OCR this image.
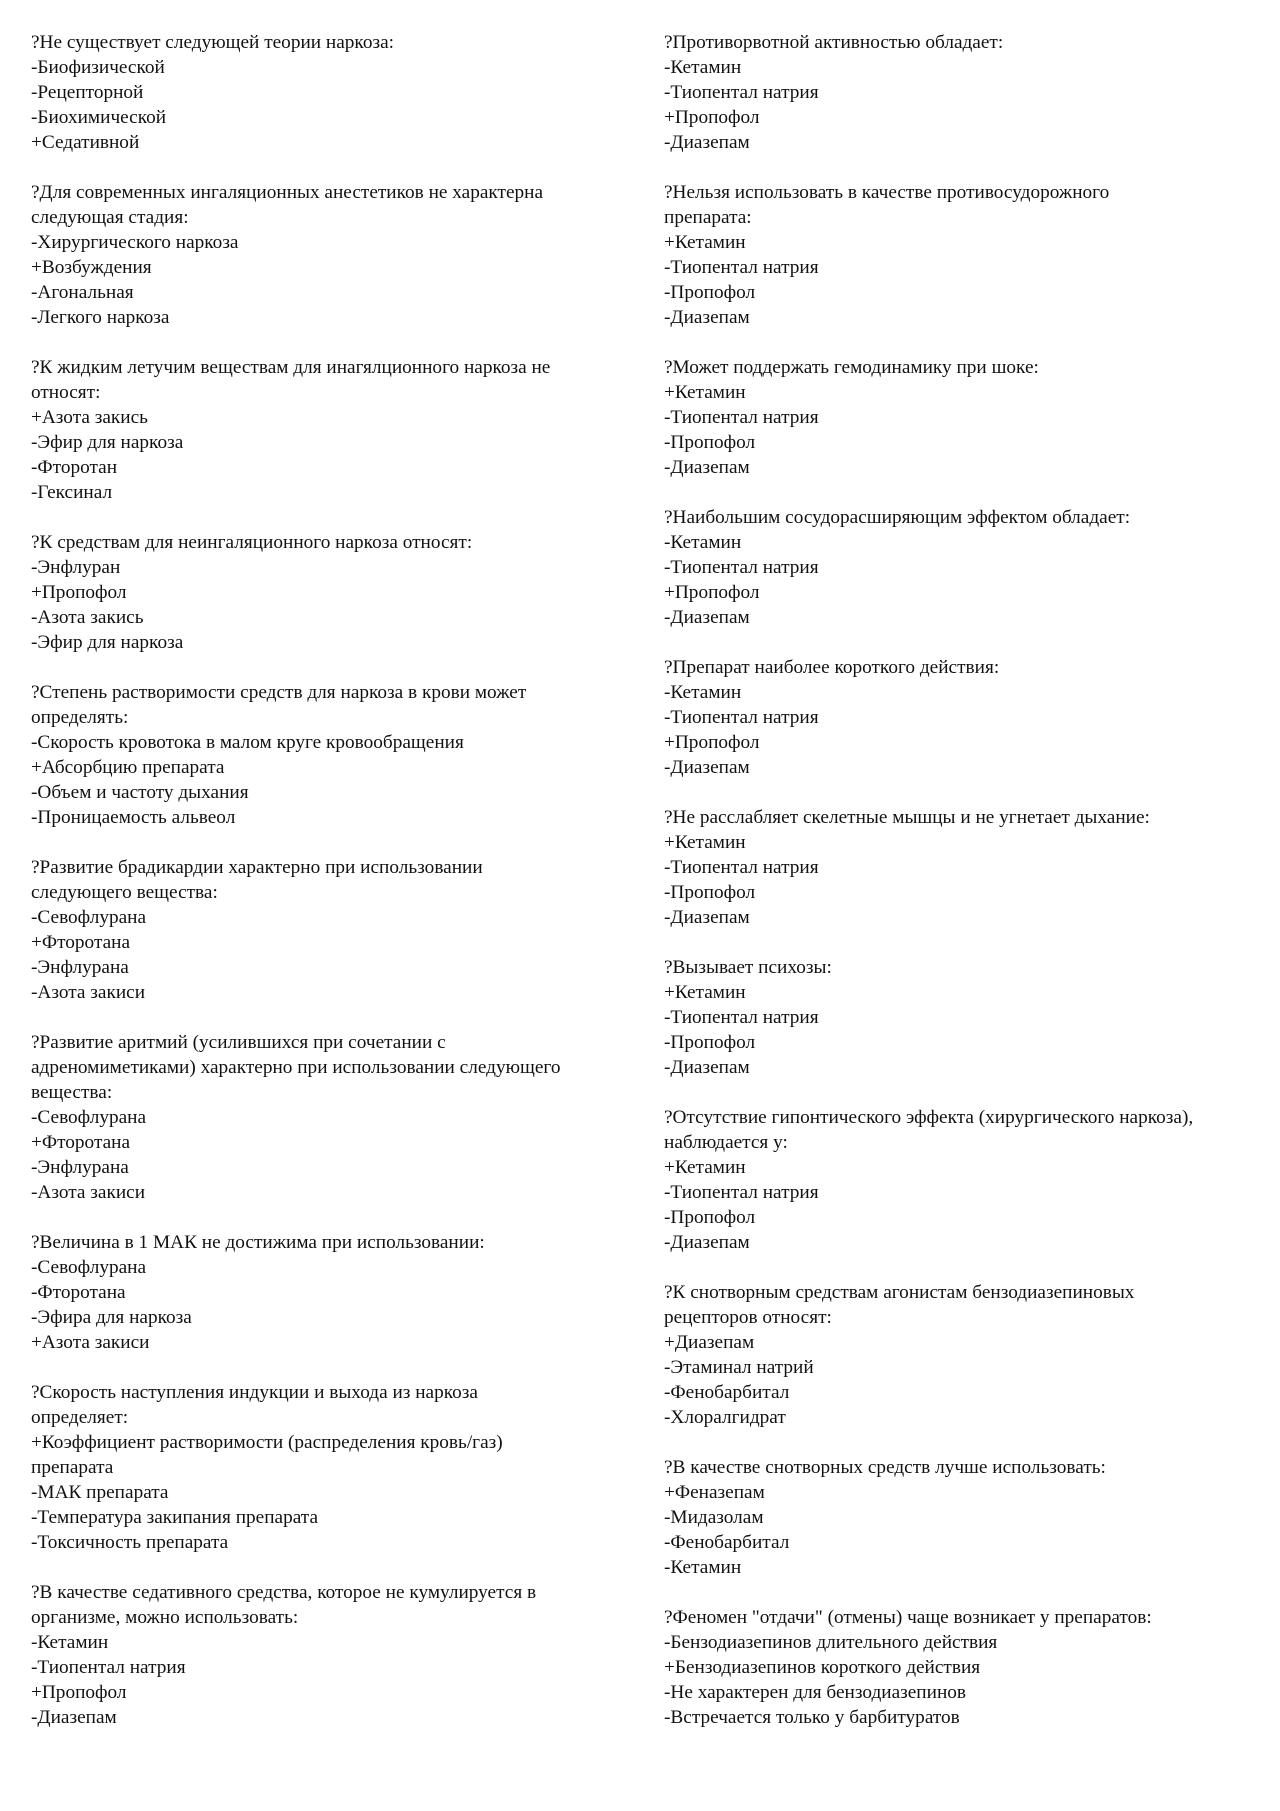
?Не существует следующей теории наркоза:
-Биофизической
-Рецепторной
-Биохимической
+Седативной
?Для современных ингаляционных анестетиков не характерна
следующая стадия:
-Хирургического наркоза
+Возбуждения
-Агональная
-Легкого наркоза
?К жидким летучим веществам для инагялционного наркоза не
относят:
+Азота закись
-Эфир для наркоза
-Фторотан
-Гексинал
?К средствам для неингаляционного наркоза относят:
-Энфлуран
+Пропофол
-Азота закись
-Эфир для наркоза
?Степень растворимости средств для наркоза в крови может
определять:
-Скорость кровотока в малом круге кровообращения
+Абсорбцию препарата
-Объем и частоту дыхания
-Проницаемость альвеол
?Развитие брадикардии характерно при использовании
следующего вещества:
-Севофлурана
+Фторотана
-Энфлурана
-Азота закиси
?Развитие аритмий (усилившихся при сочетании с
адреномиметиками) характерно при использовании следующего
вещества:
-Севофлурана
+Фторотана
-Энфлурана
-Азота закиси
?Величина в 1 МАК не достижима при использовании:
-Севофлурана
-Фторотана
-Эфира для наркоза
+Азота закиси
?Скорость наступления индукции и выхода из наркоза
определяет:
+Коэффициент растворимости (распределения кровь/газ)
препарата
-МАК препарата
-Температура закипания препарата
-Токсичность препарата
?В качестве седативного средства, которое не кумулируется в
организме, можно использовать:
-Кетамин
-Тиопентал натрия
+Пропофол
-Диазепам
?Противорвотной активностью обладает:
-Кетамин
-Тиопентал натрия
+Пропофол
-Диазепам
?Нельзя использовать в качестве противосудорожного
препарата:
+Кетамин
-Тиопентал натрия
-Пропофол
-Диазепам
?Может поддержать гемодинамику при шоке:
+Кетамин
-Тиопентал натрия
-Пропофол
-Диазепам
?Наибольшим сосудорасширяющим эффектом обладает:
-Кетамин
-Тиопентал натрия
+Пропофол
-Диазепам
?Препарат наиболее короткого действия:
-Кетамин
-Тиопентал натрия
+Пропофол
-Диазепам
?Не расслабляет скелетные мышцы и не угнетает дыхание:
+Кетамин
-Тиопентал натрия
-Пропофол
-Диазепам
?Вызывает психозы:
+Кетамин
-Тиопентал натрия
-Пропофол
-Диазепам
?Отсутствие гипонтического эффекта (хирургического наркоза),
наблюдается у:
+Кетамин
-Тиопентал натрия
-Пропофол
-Диазепам
?К снотворным средствам агонистам бензодиазепиновых
рецепторов относят:
+Диазепам
-Этаминал натрий
-Фенобарбитал
-Хлоралгидрат
?В качестве снотворных средств лучше использовать:
+Феназепам
-Мидазолам
-Фенобарбитал
-Кетамин
?Феномен "отдачи" (отмены) чаще возникает у препаратов:
-Бензодиазепинов длительного действия
+Бензодиазепинов короткого действия
-Не характерен для бензодиазепинов
-Встречается только у барбитуратов
